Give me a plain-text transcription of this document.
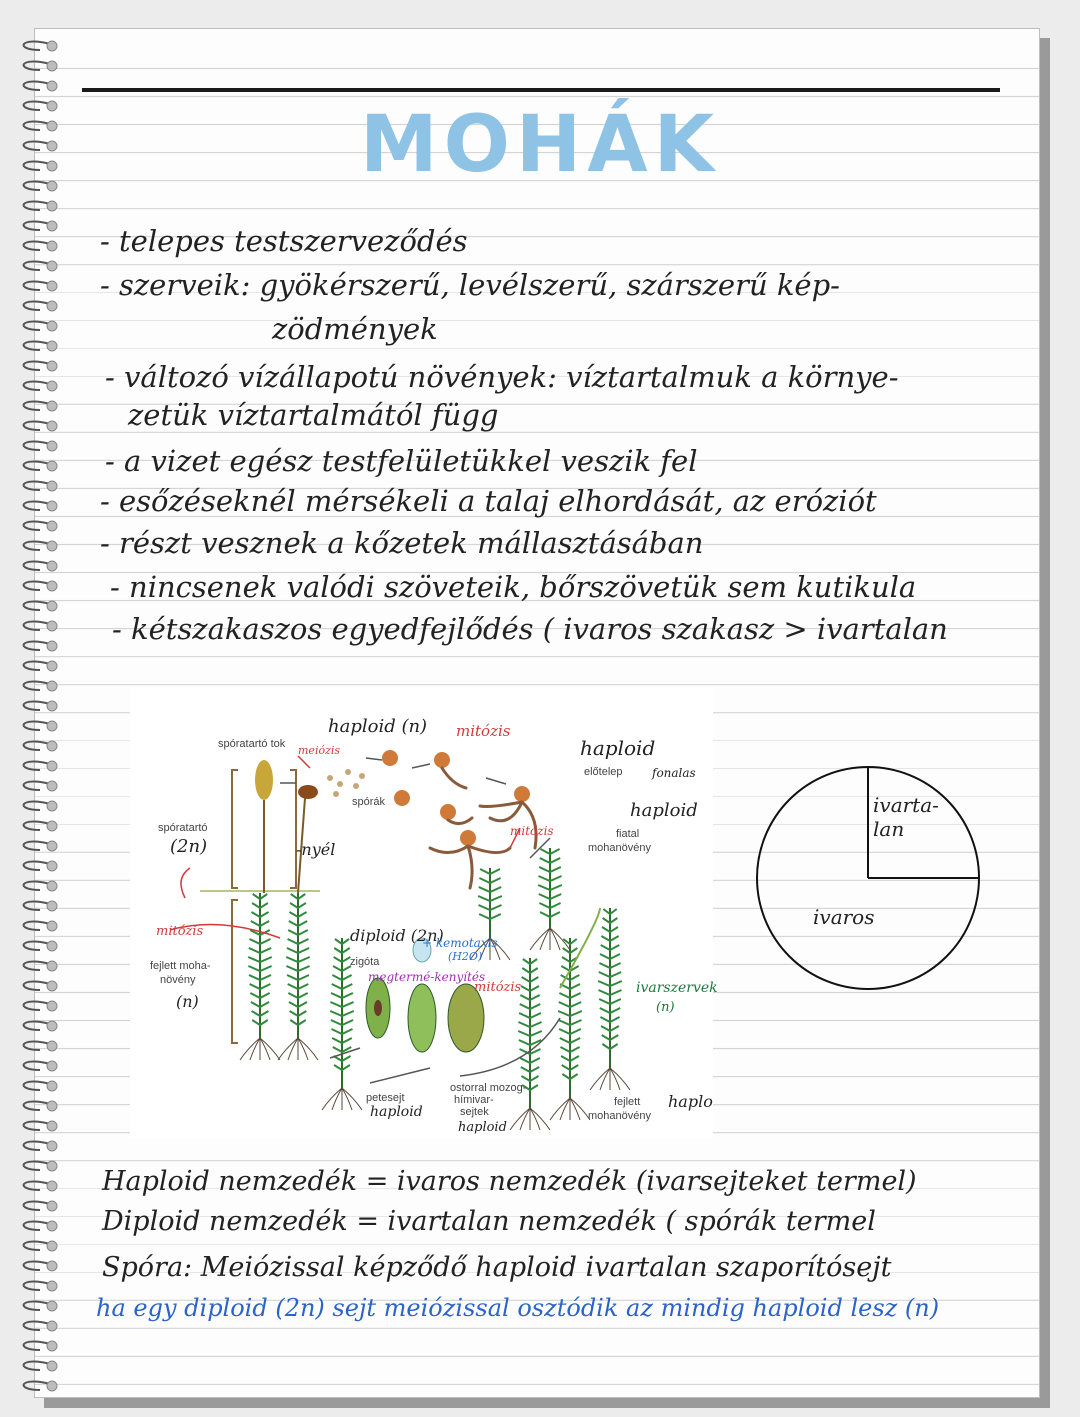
MOHÁK
- telepes testszerveződés
- szerveik: gyökérszerű, levélszerű, szárszerű kép-
zödmények
- változó vízállapotú növények: víztartalmuk a környe-
zetük víztartalmától függ
- a vizet egész testfelületükkel veszik fel
- esőzéseknél mérsékeli a talaj elhordását, az eróziót
- részt vesznek a kőzetek mállasztásában
- nincsenek valódi szöveteik, bőrszövetük sem kutikula
- kétszakaszos egyedfejlődés ( ivaros szakasz > ivartalan
spóratartó tok
spórák
spóratartó
előtelep
fiatal
mohanövény
fejlett moha-
növény
zigóta
petesejt
ostorral mozog-
hímivar-
sejtek
fejlett
mohanövény
haploid (n)
meiózis
mitózis
haploid
fonalas
haploid
mitózis
(2n)	-nyél
mitózis
(n)
diploid (2n)
+ kemotaxis
(H2O)
megtermé-kenyítés
mitózis	ivarszervek
(n)
haploid
haploid
haplo
ivarta-
lan
ivaros
Haploid nemzedék = ivaros nemzedék (ivarsejteket termel)
Diploid nemzedék = ivartalan nemzedék ( spórák termel
Spóra: Meiózissal képződő haploid ivartalan szaporítósejt
ha egy diploid (2n) sejt meiózissal osztódik az mindig haploid lesz (n)
